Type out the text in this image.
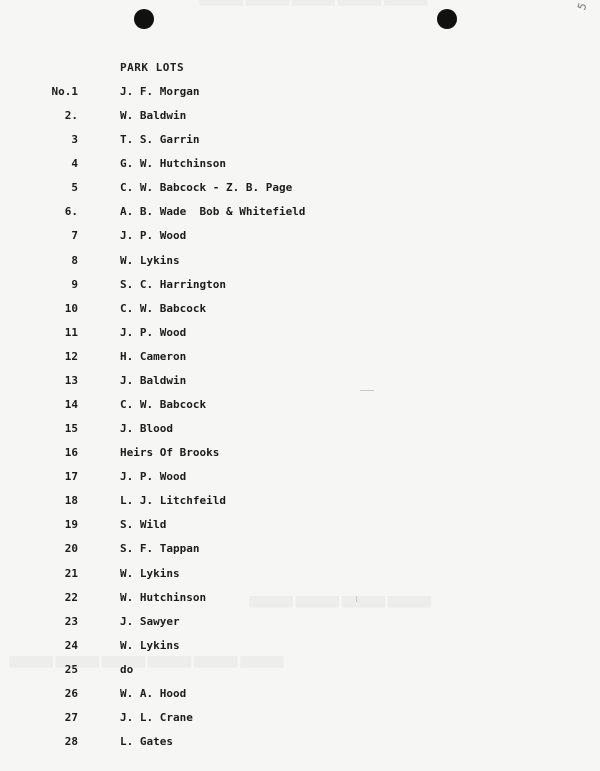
5
PARK LOTS
No.1	J. F. Morgan
2.	W. Baldwin
3	T. S. Garrin
4	G. W. Hutchinson
5	C. W. Babcock - Z. B. Page
6.	A. B. Wade  Bob & Whitefield
7	J. P. Wood
8	W. Lykins
9	S. C. Harrington
10	C. W. Babcock
11	J. P. Wood
12	H. Cameron
13	J. Baldwin
14	C. W. Babcock
15	J. Blood
16	Heirs Of Brooks
17	J. P. Wood
18	L. J. Litchfeild
19	S. Wild
20	S. F. Tappan
21	W. Lykins
22	W. Hutchinson
23	J. Sawyer
24	W. Lykins
25	do
26	W. A. Hood
27	J. L. Crane
28	L. Gates
